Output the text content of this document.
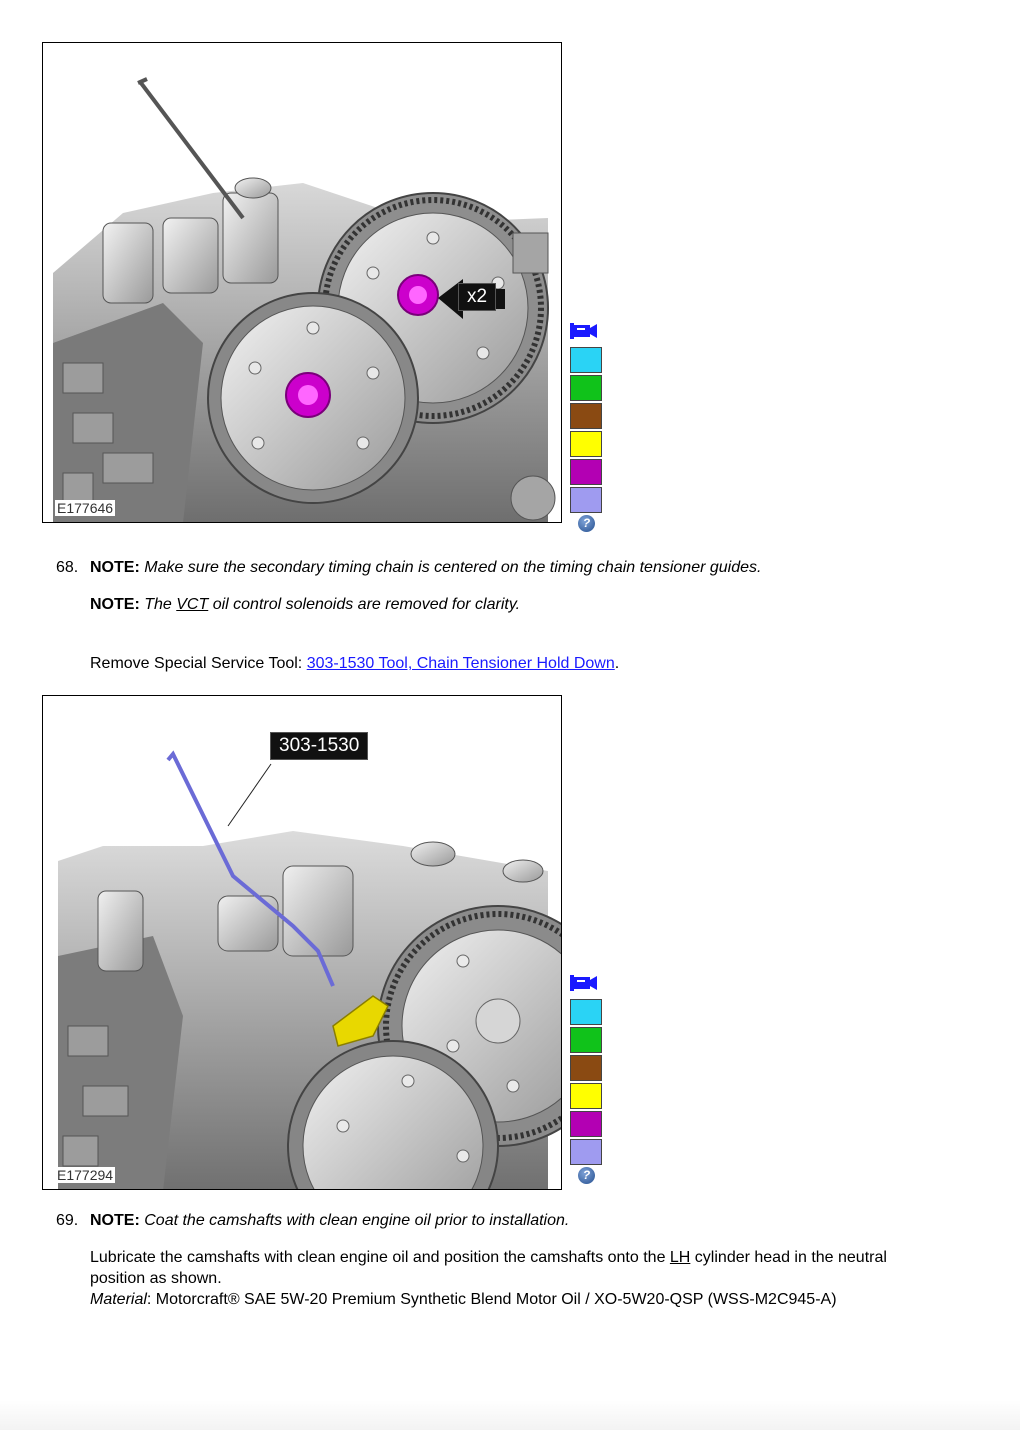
x2
E177646
?
68. NOTE: Make sure the secondary timing chain is centered on the timing chain tensioner guides.
NOTE: The VCT oil control solenoids are removed for clarity.
Remove Special Service Tool: 303-1530 Tool, Chain Tensioner Hold Down.
303-1530
E177294	?
69. NOTE: Coat the camshafts with clean engine oil prior to installation.
Lubricate the camshafts with clean engine oil and position the camshafts onto the LH cylinder head in the neutral
position as shown.
Material: Motorcraft® SAE 5W-20 Premium Synthetic Blend Motor Oil / XO-5W20-QSP (WSS-M2C945-A)
